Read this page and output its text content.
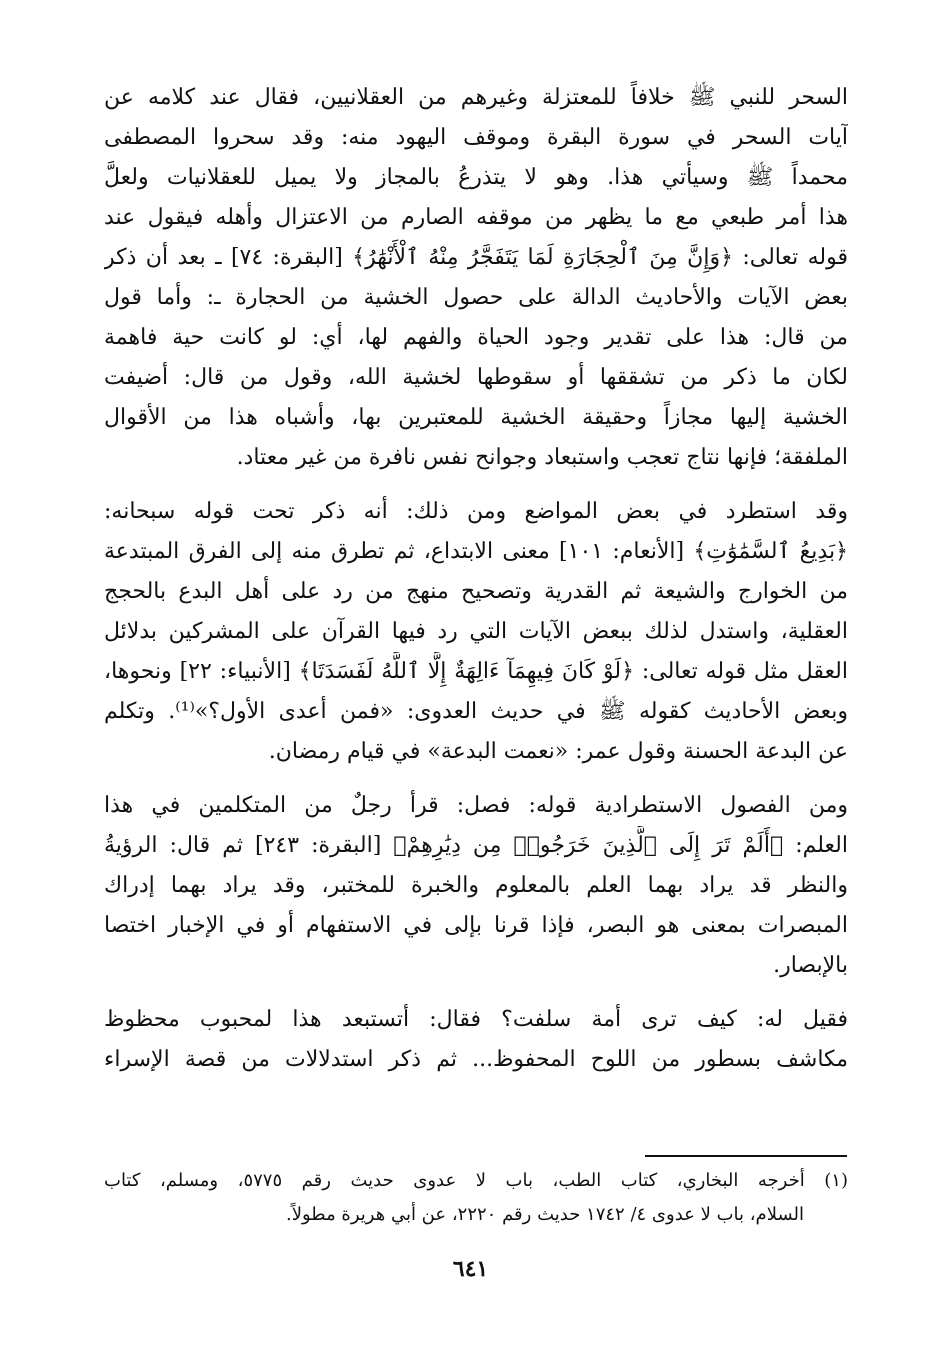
السحر للنبي ﷺ خلافاً للمعتزلة وغيرهم من العقلانيين، فقال عند كلامه عن
آيات السحر في سورة البقرة وموقف اليهود منه: وقد سحروا المصطفى
محمداً ﷺ وسيأتي هذا. وهو لا يتذرعُ بالمجاز ولا يميل للعقلانيات ولعلَّ
هذا أمر طبعي مع ما يظهر من موقفه الصارم من الاعتزال وأهله فيقول عند
قوله تعالى: ﴿وَإِنَّ مِنَ ٱلْحِجَارَةِ لَمَا يَتَفَجَّرُ مِنْهُ ٱلْأَنْهَٰرُ﴾ [البقرة: ٧٤] ـ بعد أن ذكر
بعض الآيات والأحاديث الدالة على حصول الخشية من الحجارة ـ: وأما قول
من قال: هذا على تقدير وجود الحياة والفهم لها، أي: لو كانت حية فاهمة
لكان ما ذكر من تشققها أو سقوطها لخشية الله، وقول من قال: أضيفت
الخشية إليها مجازاً وحقيقة الخشية للمعتبرين بها، وأشباه هذا من الأقوال
الملفقة؛ فإنها نتاج تعجب واستبعاد وجوانح نفس نافرة من غير معتاد.
وقد استطرد في بعض المواضع ومن ذلك: أنه ذكر تحت قوله سبحانه:
﴿بَدِيعُ ٱلسَّمَٰوَٰتِ﴾ [الأنعام: ١٠١] معنى الابتداع، ثم تطرق منه إلى الفرق المبتدعة
من الخوارج والشيعة ثم القدرية وتصحيح منهج من رد على أهل البدع بالحجج
العقلية، واستدل لذلك ببعض الآيات التي رد فيها القرآن على المشركين بدلائل
العقل مثل قوله تعالى: ﴿لَوْ كَانَ فِيهِمَآ ءَالِهَةٌ إِلَّا ٱللَّهُ لَفَسَدَتَا﴾ [الأنبياء: ٢٢] ونحوها،
وبعض الأحاديث كقوله ﷺ في حديث العدوى: «فمن أعدى الأول؟»⁽¹⁾. وتكلم
عن البدعة الحسنة وقول عمر: «نعمت البدعة» في قيام رمضان.
ومن الفصول الاستطرادية قوله: فصل: قرأ رجلٌ من المتكلمين في هذا
العلم: ﴿أَلَمْ تَرَ إِلَى ٱلَّذِينَ خَرَجُوا۟ مِن دِيَٰرِهِمْ﴾ [البقرة: ٢٤٣] ثم قال: الرؤيةُ
والنظر قد يراد بهما العلم بالمعلوم والخبرة للمختبر، وقد يراد بهما إدراك
المبصرات بمعنى هو البصر، فإذا قرنا بإلى في الاستفهام أو في الإخبار اختصا
بالإبصار.
فقيل له: كيف ترى أمة سلفت؟ فقال: أتستبعد هذا لمحبوب محظوظ
مكاشف بسطور من اللوح المحفوظ... ثم ذكر استدلالات من قصة الإسراء
(١) أخرجه البخاري، كتاب الطب، باب لا عدوى حديث رقم ٥٧٧٥، ومسلم، كتاب
السلام، باب لا عدوى ٤/ ١٧٤٢ حديث رقم ٢٢٢٠، عن أبي هريرة مطولاً.
٦٤١
